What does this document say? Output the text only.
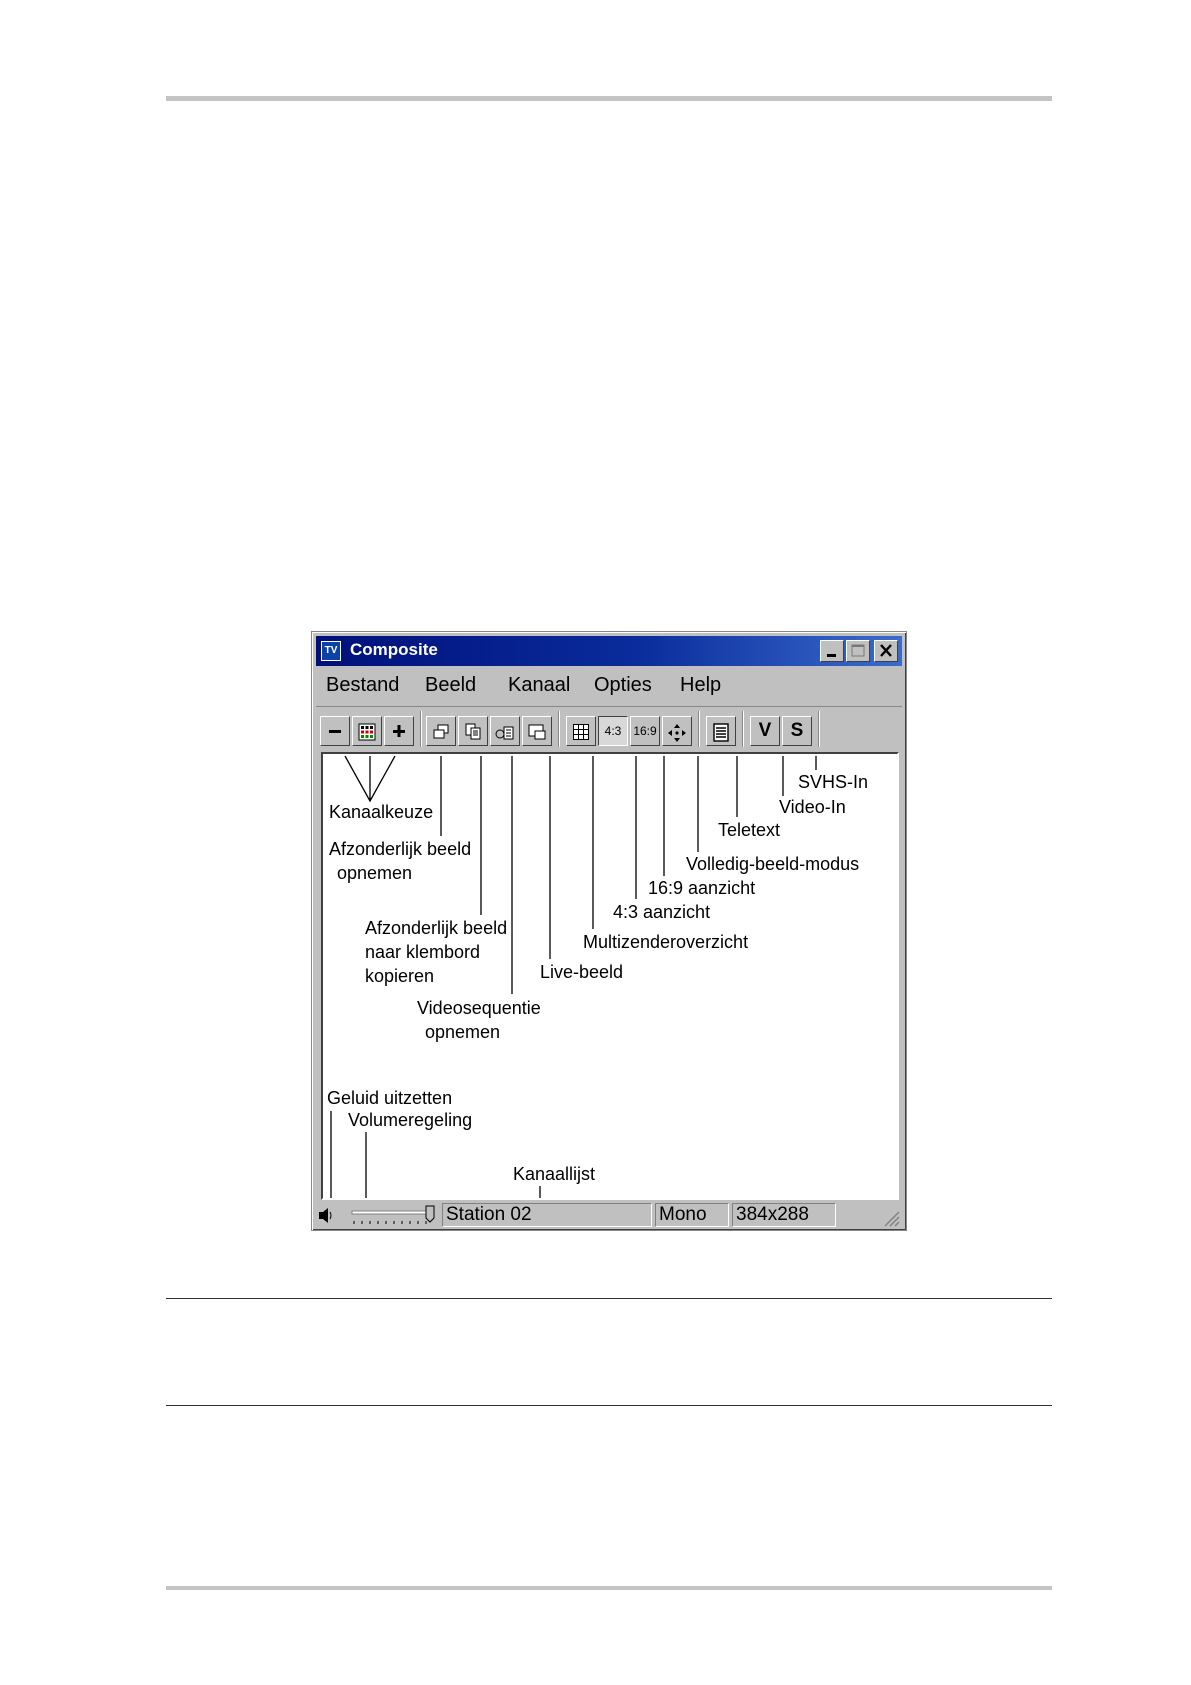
TV Composite
Bestand Beeld Kanaal Opties Help
4:3 16:9	V	S
Kanaalkeuze
Afzonderlijk beeld
opnemen
Afzonderlijk beeld
naar klembord
kopieren
Videosequentie
opnemen
Live-beeld
Multizenderoverzicht
4:3 aanzicht
16:9 aanzicht
Volledig-beeld-modus
Teletext
Video-In
SVHS-In
Geluid uitzetten
Volumeregeling
Kanaallijst
Station 02	Mono	384x288
